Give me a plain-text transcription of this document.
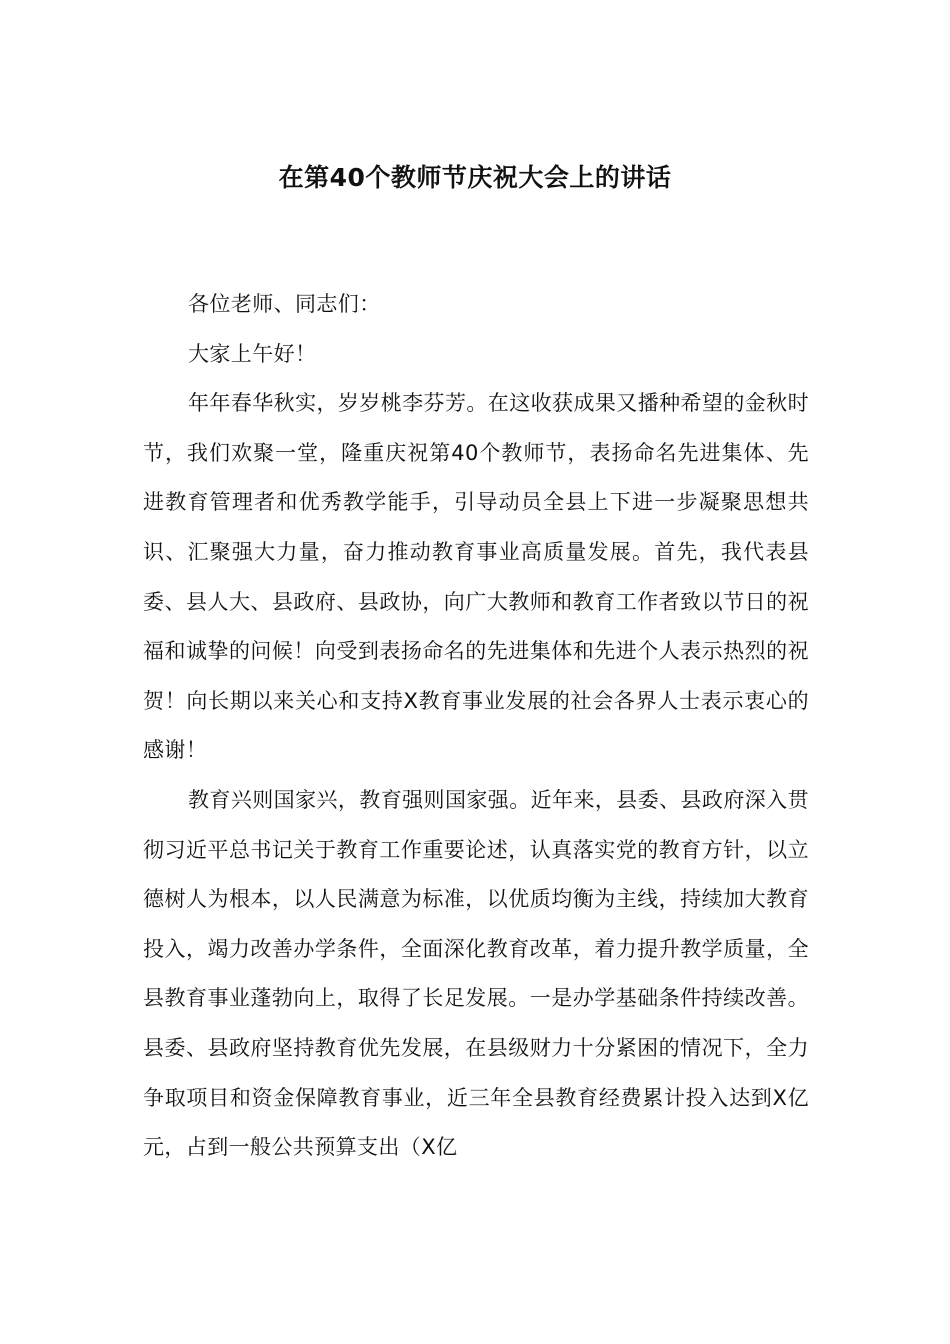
在第40个教师节庆祝大会上的讲话

各位老师、同志们：

大家上午好！

年年春华秋实，岁岁桃李芬芳。在这收获成果又播种希望的金秋时节，我们欢聚一堂，隆重庆祝第40个教师节，表扬命名先进集体、先进教育管理者和优秀教学能手，引导动员全县上下进一步凝聚思想共识、汇聚强大力量，奋力推动教育事业高质量发展。首先，我代表县委、县人大、县政府、县政协，向广大教师和教育工作者致以节日的祝福和诚挚的问候！向受到表扬命名的先进集体和先进个人表示热烈的祝贺！向长期以来关心和支持X教育事业发展的社会各界人士表示衷心的感谢！

教育兴则国家兴，教育强则国家强。近年来，县委、县政府深入贯彻习近平总书记关于教育工作重要论述，认真落实党的教育方针，以立德树人为根本，以人民满意为标准，以优质均衡为主线，持续加大教育投入，竭力改善办学条件，全面深化教育改革，着力提升教学质量，全县教育事业蓬勃向上，取得了长足发展。一是办学基础条件持续改善。县委、县政府坚持教育优先发展，在县级财力十分紧困的情况下，全力争取项目和资金保障教育事业，近三年全县教育经费累计投入达到X亿元，占到一般公共预算支出（X亿
